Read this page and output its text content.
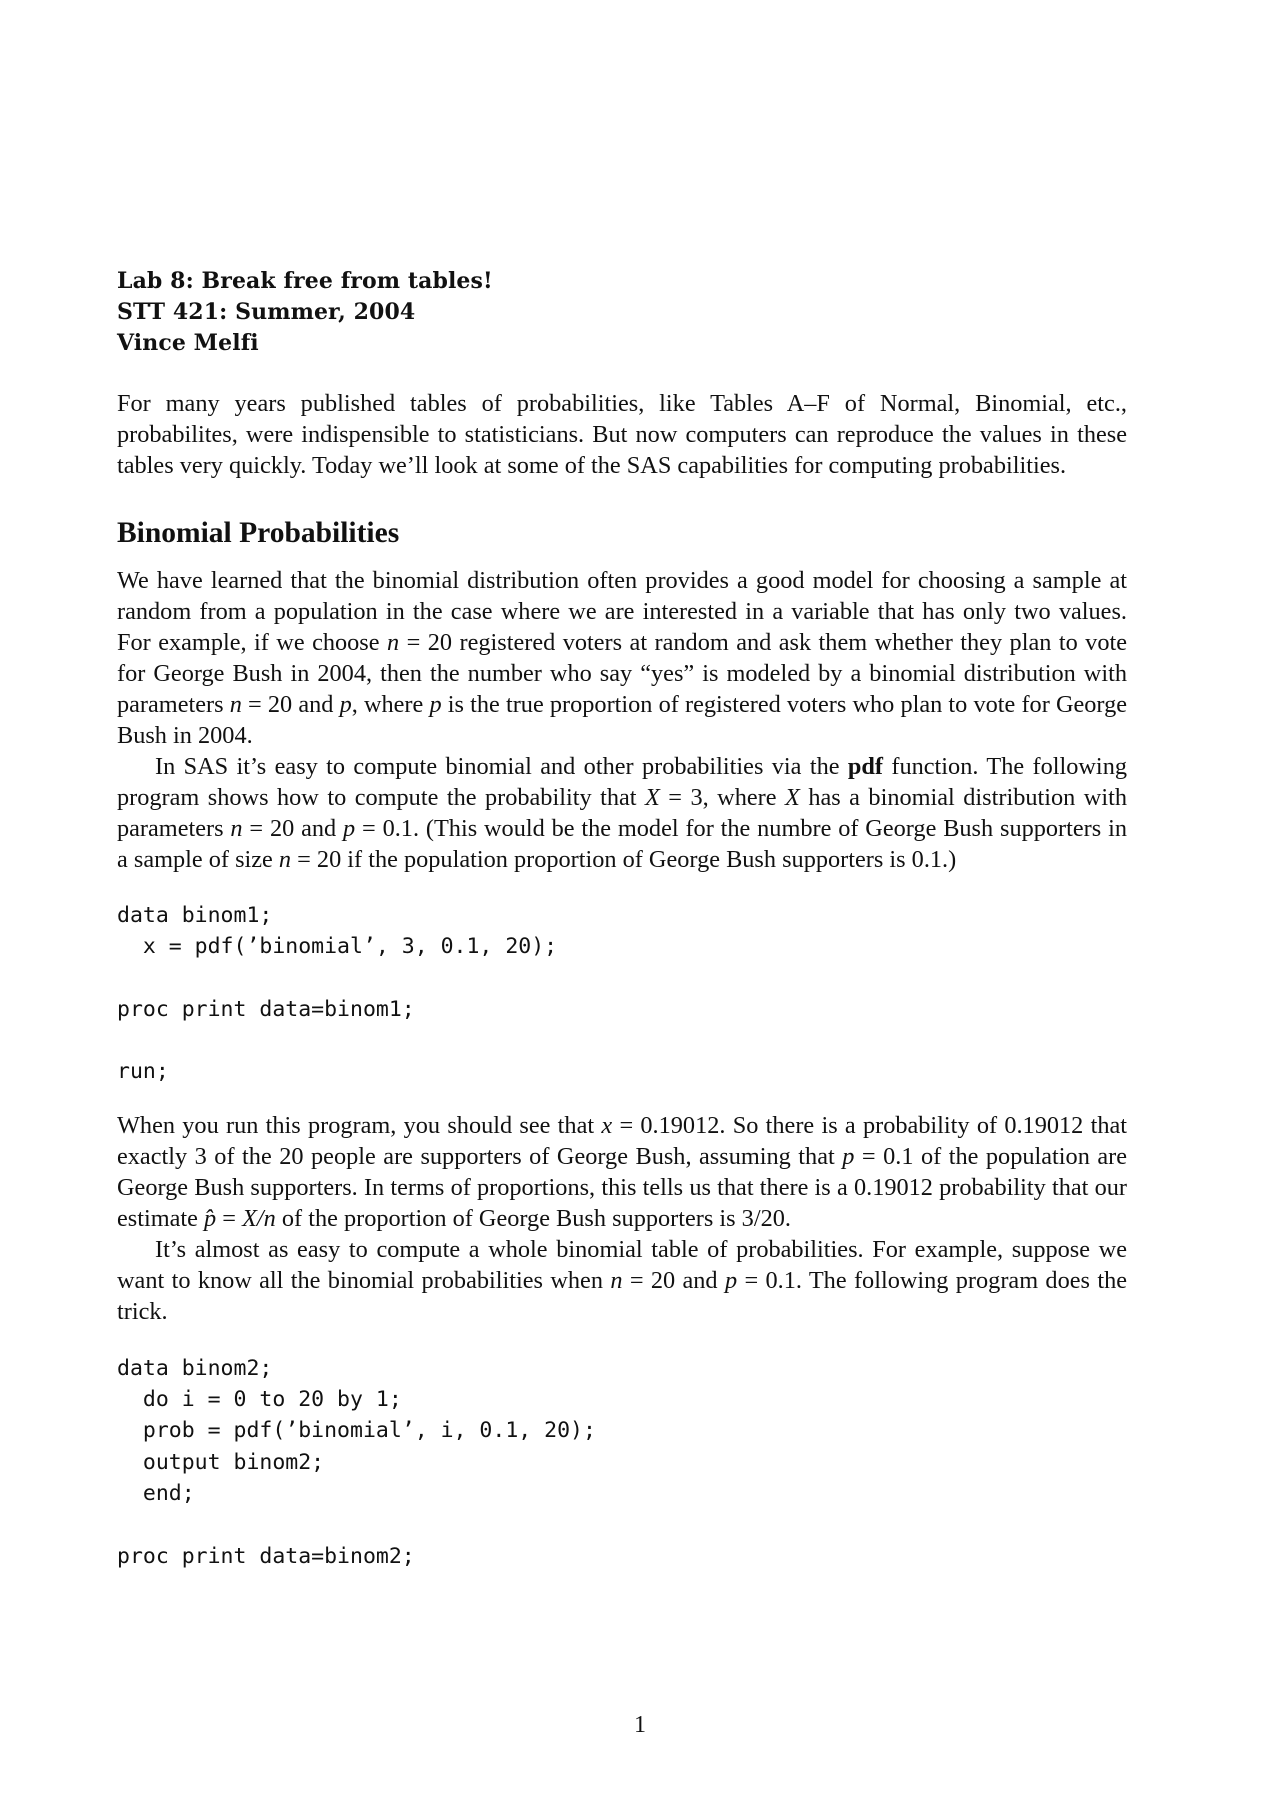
Lab 8: Break free from tables!

STT 421: Summer, 2004

Vince Melfi

For many years published tables of probabilities, like Tables A–F of Normal, Binomial, etc., probabilites, were indispensible to statisticians. But now computers can reproduce the values in these tables very quickly. Today we’ll look at some of the SAS capabilities for computing probabilities.

Binomial Probabilities

We have learned that the binomial distribution often provides a good model for choosing a sample at random from a population in the case where we are interested in a variable that has only two values. For example, if we choose n = 20 registered voters at random and ask them whether they plan to vote for George Bush in 2004, then the number who say “yes” is modeled by a binomial distribution with parameters n = 20 and p, where p is the true proportion of registered voters who plan to vote for George Bush in 2004.

In SAS it’s easy to compute binomial and other probabilities via the pdf function. The following program shows how to compute the probability that X = 3, where X has a binomial distribution with parameters n = 20 and p = 0.1. (This would be the model for the numbre of George Bush supporters in a sample of size n = 20 if the population proportion of George Bush supporters is 0.1.)

data binom1;
x = pdf(’binomial’, 3, 0.1, 20);
proc print data=binom1;
run;

When you run this program, you should see that x = 0.19012. So there is a probability of 0.19012 that exactly 3 of the 20 people are supporters of George Bush, assuming that p = 0.1 of the population are George Bush supporters. In terms of proportions, this tells us that there is a 0.19012 probability that our estimate p̂ = X/n of the proportion of George Bush supporters is 3/20.

It’s almost as easy to compute a whole binomial table of probabilities. For example, suppose we want to know all the binomial probabilities when n = 20 and p = 0.1. The following program does the trick.

data binom2;
do i = 0 to 20 by 1;
prob = pdf(’binomial’, i, 0.1, 20);
output binom2;
end;
proc print data=binom2;
1
